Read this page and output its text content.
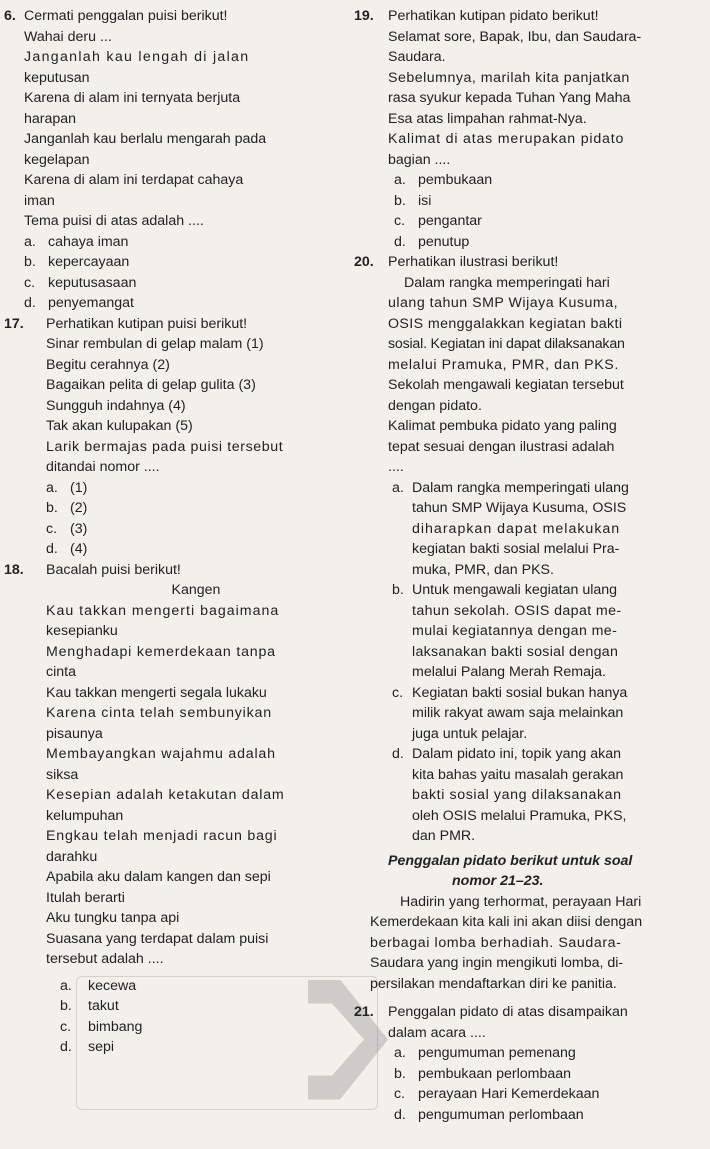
6. Cermati penggalan puisi berikut!
Wahai deru ...
Janganlah kau lengah di jalan
keputusan
Karena di alam ini ternyata berjuta
harapan
Janganlah kau berlalu mengarah pada
kegelapan
Karena di alam ini terdapat cahaya
iman
Tema puisi di atas adalah ....
a. cahaya iman
b. kepercayaan
c. keputusasaan
d. penyemangat
17. Perhatikan kutipan puisi berikut!
Sinar rembulan di gelap malam (1)
Begitu cerahnya (2)
Bagaikan pelita di gelap gulita (3)
Sungguh indahnya (4)
Tak akan kulupakan (5)
Larik bermajas pada puisi tersebut
ditandai nomor ....
a. (1)
b. (2)
c. (3)
d. (4)
18. Bacalah puisi berikut!
Kangen
Kau takkan mengerti bagaimana
kesepianku
Menghadapi kemerdekaan tanpa
cinta
Kau takkan mengerti segala lukaku
Karena cinta telah sembunyikan
pisaunya
Membayangkan wajahmu adalah
siksa
Kesepian adalah ketakutan dalam
kelumpuhan
Engkau telah menjadi racun bagi
darahku
Apabila aku dalam kangen dan sepi
Itulah berarti
Aku tungku tanpa api
Suasana yang terdapat dalam puisi
tersebut adalah ....
a. kecewa
b. takut
c. bimbang
d. sepi
19. Perhatikan kutipan pidato berikut!
Selamat sore, Bapak, Ibu, dan Saudara-
Saudara.
Sebelumnya, marilah kita panjatkan
rasa syukur kepada Tuhan Yang Maha
Esa atas limpahan rahmat-Nya.
Kalimat di atas merupakan pidato
bagian ....
a. pembukaan
b. isi
c. pengantar
d. penutup
20. Perhatikan ilustrasi berikut!
Dalam rangka memperingati hari
ulang tahun SMP Wijaya Kusuma,
OSIS menggalakkan kegiatan bakti
sosial. Kegiatan ini dapat dilaksanakan
melalui Pramuka, PMR, dan PKS.
Sekolah mengawali kegiatan tersebut
dengan pidato.
Kalimat pembuka pidato yang paling
tepat sesuai dengan ilustrasi adalah
....
a. Dalam rangka memperingati ulang
tahun SMP Wijaya Kusuma, OSIS
diharapkan dapat melakukan
kegiatan bakti sosial melalui Pra-
muka, PMR, dan PKS.
b. Untuk mengawali kegiatan ulang
tahun sekolah. OSIS dapat me-
mulai kegiatannya dengan me-
laksanakan bakti sosial dengan
melalui Palang Merah Remaja.
c. Kegiatan bakti sosial bukan hanya
milik rakyat awam saja melainkan
juga untuk pelajar.
d. Dalam pidato ini, topik yang akan
kita bahas yaitu masalah gerakan
bakti sosial yang dilaksanakan
oleh OSIS melalui Pramuka, PKS,
dan PMR.
Penggalan pidato berikut untuk soal
nomor 21–23.
Hadirin yang terhormat, perayaan Hari
Kemerdekaan kita kali ini akan diisi dengan
berbagai lomba berhadiah. Saudara-
Saudara yang ingin mengikuti lomba, di-
persilakan mendaftarkan diri ke panitia.
21. Penggalan pidato di atas disampaikan
dalam acara ....
a. pengumuman pemenang
b. pembukaan perlombaan
c. perayaan Hari Kemerdekaan
d. pengumuman perlombaan
